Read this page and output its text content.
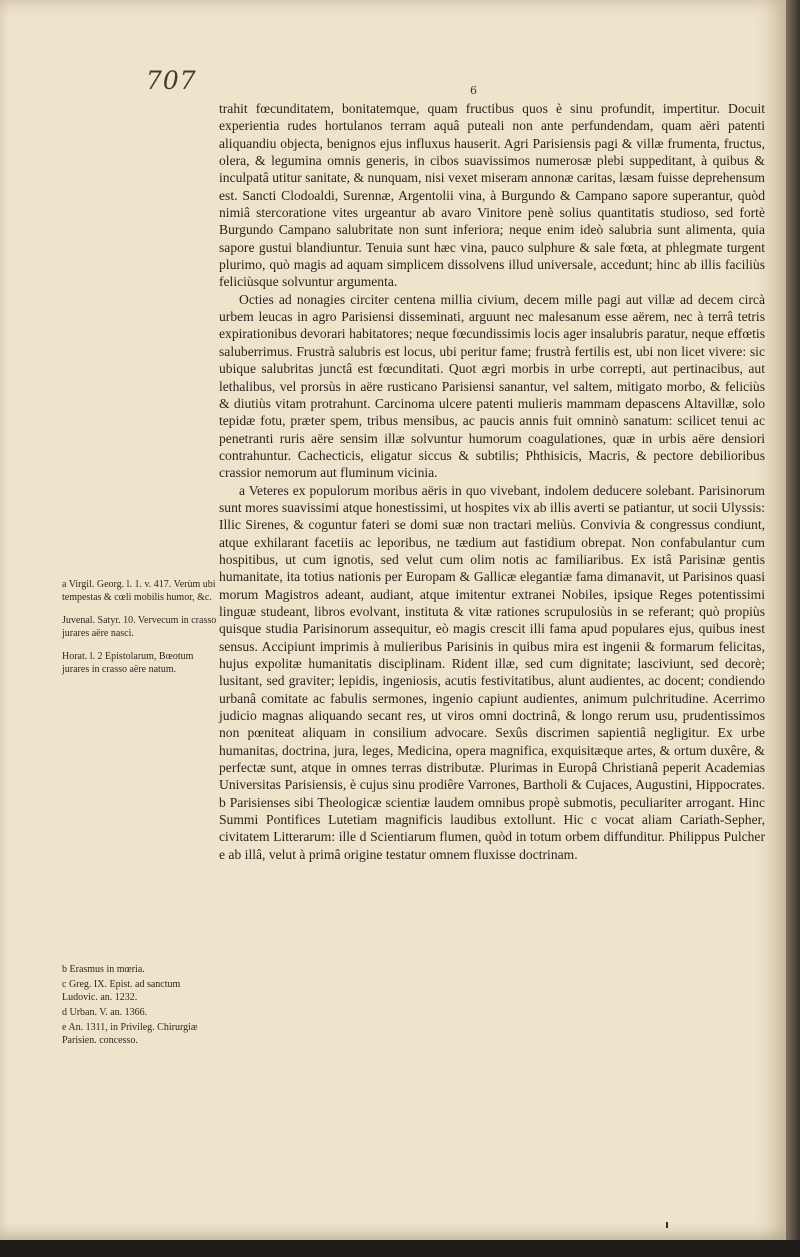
707	6

trahit fœcunditatem, bonitatemque, quam fructibus quos è sinu profundit, impertitur. Docuit experientia rudes hortulanos terram aquâ puteali non ante perfundendam, quam aëri patenti aliquandiu objecta, benignos ejus influxus hauserit. Agri Parisiensis pagi & villæ frumenta, fructus, olera, & legumina omnis generis, in cibos suavissimos numerosæ plebi suppeditant, à quibus & inculpatâ utitur sanitate, & nunquam, nisi vexet miseram annonæ caritas, læsam fuisse deprehensum est. Sancti Clodoaldi, Surennæ, Argentolii vina, à Burgundo & Campano sapore superantur, quòd nimiâ stercoratione vites urgeantur ab avaro Vinitore penè solius quantitatis studioso, sed fortè Burgundo Campano salubritate non sunt inferiora; neque enim ideò salubria sunt alimenta, quia sapore gustui blandiuntur. Tenuia sunt hæc vina, pauco sulphure & sale fœta, at phlegmate turgent plurimo, quò magis ad aquam simplicem dissolvens illud universale, accedunt; hinc ab illis faciliùs feliciùsque solvuntur argumenta.

Octies ad nonagies circiter centena millia civium, decem mille pagi aut villæ ad decem circà urbem leucas in agro Parisiensi disseminati, arguunt nec malesanum esse aërem, nec à terrâ tetris expirationibus devorari habitatores; neque fœcundissimis locis ager insalubris paratur, neque effœtis saluberrimus. Frustrà salubris est locus, ubi peritur fame; frustrà fertilis est, ubi non licet vivere: sic ubique salubritas junctâ est fœcunditati. Quot ægri morbis in urbe correpti, aut pertinacibus, aut lethalibus, vel prorsùs in aëre rusticano Parisiensi sanantur, vel saltem, mitigato morbo, & feliciùs & diutiùs vitam protrahunt. Carcinoma ulcere patenti mulieris mammam depascens Altavillæ, solo tepidæ fotu, præter spem, tribus mensibus, ac paucis annis fuit omninò sanatum: scilicet tenui ac penetranti ruris aëre sensim illæ solvuntur humorum coagulationes, quæ in urbis aëre densiori contrahuntur. Cachecticis, eligatur siccus & subtilis; Phthisicis, Macris, & pectore debilioribus crassior nemorum aut fluminum vicinia.

a Veteres ex populorum moribus aëris in quo vivebant, indolem deducere solebant. Parisinorum sunt mores suavissimi atque honestissimi, ut hospites vix ab illis averti se patiantur, ut socii Ulyssis: Illic Sirenes, & coguntur fateri se domi suæ non tractari meliùs. Convivia & congressus condiunt, atque exhilarant facetiis ac leporibus, ne tædium aut fastidium obrepat. Non confabulantur cum hospitibus, ut cum ignotis, sed velut cum olim notis ac familiaribus. Ex istâ Parisinæ gentis humanitate, ita totius nationis per Europam & Gallicæ elegantiæ fama dimanavit, ut Parisinos quasi morum Magistros adeant, audiant, atque imitentur extranei Nobiles, ipsique Reges potentissimi linguæ studeant, libros evolvant, instituta & vitæ rationes scrupulosiùs in se referant; quò propiùs quisque studia Parisinorum assequitur, eò magis crescit illi fama apud populares ejus, quibus inest sensus. Accipiunt imprimis à mulieribus Parisinis in quibus mira est ingenii & formarum felicitas, hujus expolitæ humanitatis disciplinam. Rident illæ, sed cum dignitate; lasciviunt, sed decorè; lusitant, sed graviter; lepidis, ingeniosis, acutis festivitatibus, alunt audientes, ac docent; condiendo urbanâ comitate ac fabulis sermones, ingenio capiunt audientes, animum pulchritudine. Acerrimo judicio magnas aliquando secant res, ut viros omni doctrinâ, & longo rerum usu, prudentissimos non pœniteat aliquam in consilium advocare. Sexûs discrimen sapientiâ negligitur. Ex urbe humanitas, doctrina, jura, leges, Medicina, opera magnifica, exquisitæque artes, & ortum duxêre, & perfectæ sunt, atque in omnes terras distributæ. Plurimas in Europâ Christianâ peperit Academias Universitas Parisiensis, è cujus sinu prodiêre Varrones, Bartholi & Cujaces, Augustini, Hippocrates. b Parisienses sibi Theologicæ scientiæ laudem omnibus propè submotis, peculiariter arrogant. Hinc Summi Pontifices Lutetiam magnificis laudibus extollunt. Hic c vocat aliam Cariath-Sepher, civitatem Litterarum: ille d Scientiarum flumen, quòd in totum orbem diffunditur. Philippus Pulcher e ab illâ, velut à primâ origine testatur omnem fluxisse doctrinam.

a Virgil. Georg. l. 1. v. 417. Verùm ubi tempestas & cœli mobilis humor, &c.
Juvenal. Satyr. 10. Vervecum in crasso jurares aëre nasci.
Horat. l. 2 Epistolarum, Bœotum jurares in crasso aëre natum.
b Erasmus in mœria.
c Greg. IX. Epist. ad sanctum Ludovic. an. 1232.
d Urban. V. an. 1366.
e An. 1311, in Privileg. Chirurgiæ Parisien. concesso.
